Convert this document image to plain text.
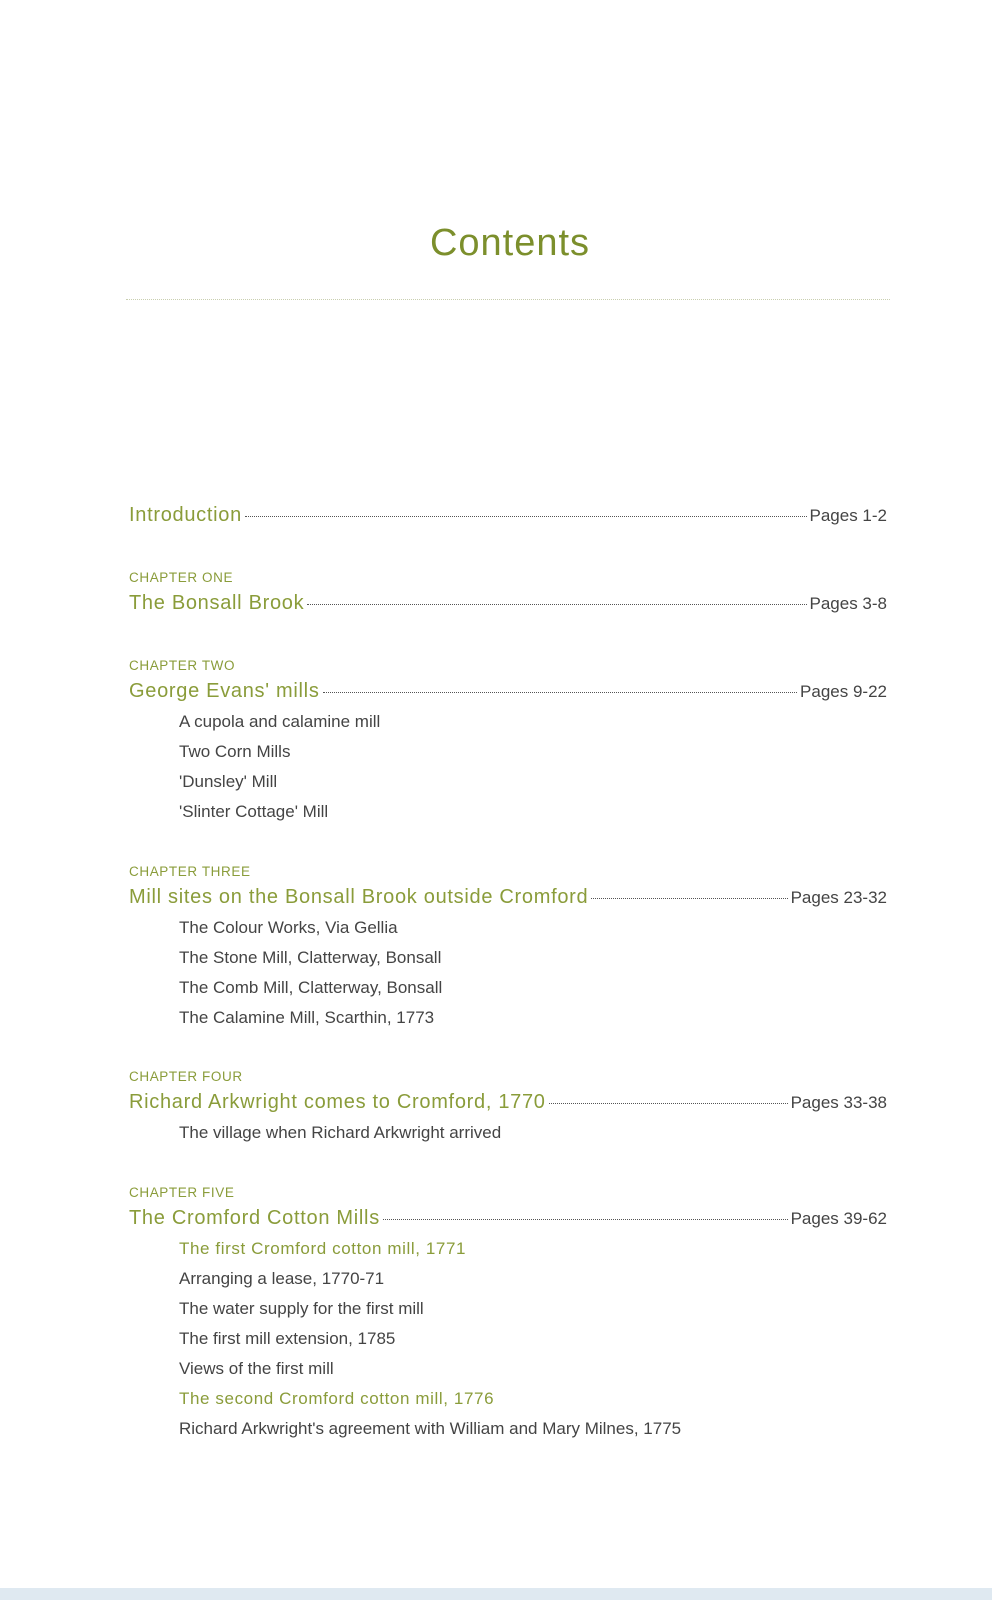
Contents
Introduction	Pages 1-2
CHAPTER ONE
The Bonsall Brook	Pages 3-8
CHAPTER TWO
George Evans' mills	Pages 9-22
A cupola and calamine mill
Two Corn Mills
'Dunsley' Mill
'Slinter Cottage' Mill
CHAPTER THREE
Mill sites on the Bonsall Brook outside Cromford	Pages 23-32
The Colour Works, Via Gellia
The Stone Mill, Clatterway, Bonsall
The Comb Mill, Clatterway, Bonsall
The Calamine Mill, Scarthin, 1773
CHAPTER FOUR
Richard Arkwright comes to Cromford, 1770	Pages 33-38
The village when Richard Arkwright arrived
CHAPTER FIVE
The Cromford Cotton Mills	Pages 39-62
The first Cromford cotton mill, 1771
Arranging a lease, 1770-71
The water supply for the first mill
The first mill extension, 1785
Views of the first mill
The second Cromford cotton mill, 1776
Richard Arkwright's agreement with William and Mary Milnes, 1775
